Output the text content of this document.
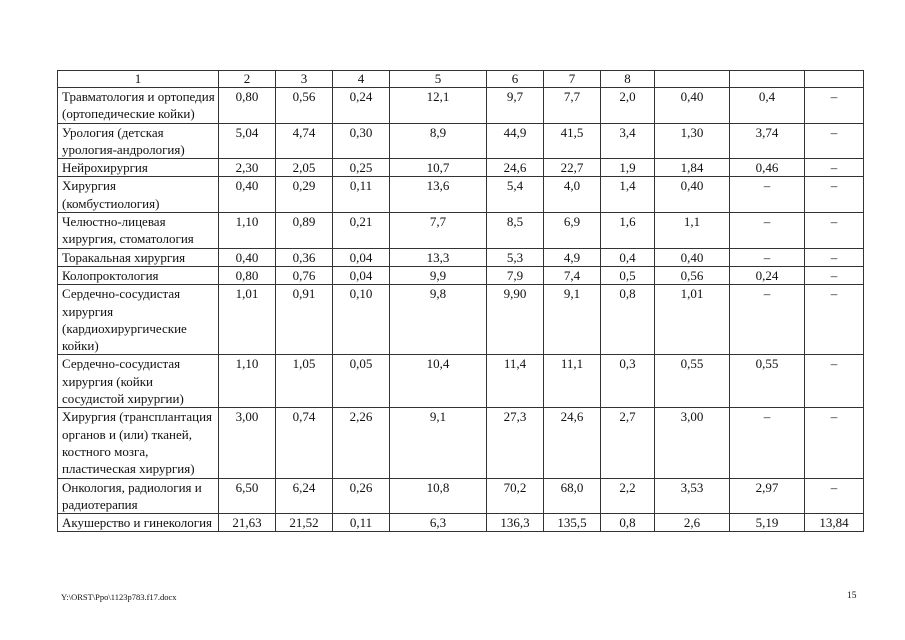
1	2	3	4	5	6	7	8			
Травматология и ортопедия (ортопедические койки)	0,80	0,56	0,24	12,1	9,7	7,7	2,0	0,40	0,4	–
Урология (детская урология-андрология)	5,04	4,74	0,30	8,9	44,9	41,5	3,4	1,30	3,74	–
Нейрохирургия	2,30	2,05	0,25	10,7	24,6	22,7	1,9	1,84	0,46	–
Хирургия (комбустиология)	0,40	0,29	0,11	13,6	5,4	4,0	1,4	0,40	–	–
Челюстно-лицевая хирургия, стоматология	1,10	0,89	0,21	7,7	8,5	6,9	1,6	1,1	–	–
Торакальная хирургия	0,40	0,36	0,04	13,3	5,3	4,9	0,4	0,40	–	–
Колопроктология	0,80	0,76	0,04	9,9	7,9	7,4	0,5	0,56	0,24	–
Сердечно-сосудистая хирургия (кардиохирургические койки)	1,01	0,91	0,10	9,8	9,90	9,1	0,8	1,01	–	–
Сердечно-сосудистая хирургия (койки сосудистой хирургии)	1,10	1,05	0,05	10,4	11,4	11,1	0,3	0,55	0,55	–
Хирургия (трансплантация органов и (или) тканей, костного мозга, пластическая хирургия)	3,00	0,74	2,26	9,1	27,3	24,6	2,7	3,00	–	–
Онкология, радиология и радиотерапия	6,50	6,24	0,26	10,8	70,2	68,0	2,2	3,53	2,97	–
Акушерство и гинекология	21,63	21,52	0,11	6,3	136,3	135,5	0,8	2,6	5,19	13,84
Y:\ORST\Ppo\1123p783.f17.docx	15
